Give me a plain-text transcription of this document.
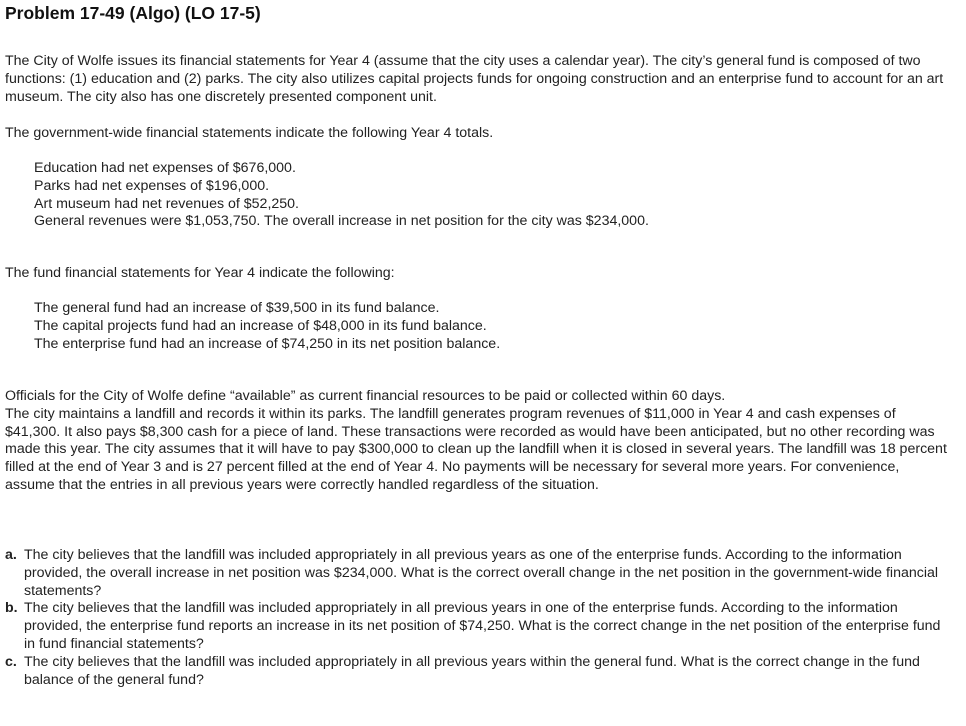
Problem 17-49 (Algo) (LO 17-5)

The City of Wolfe issues its financial statements for Year 4 (assume that the city uses a calendar year). The city’s general fund is composed of two functions: (1) education and (2) parks. The city also utilizes capital projects funds for ongoing construction and an enterprise fund to account for an art museum. The city also has one discretely presented component unit.

The government-wide financial statements indicate the following Year 4 totals.

Education had net expenses of $676,000.
Parks had net expenses of $196,000.
Art museum had net revenues of $52,250.
General revenues were $1,053,750. The overall increase in net position for the city was $234,000.

The fund financial statements for Year 4 indicate the following:

The general fund had an increase of $39,500 in its fund balance.
The capital projects fund had an increase of $48,000 in its fund balance.
The enterprise fund had an increase of $74,250 in its net position balance.
Officials for the City of Wolfe define “available” as current financial resources to be paid or collected within 60 days.
The city maintains a landfill and records it within its parks. The landfill generates program revenues of $11,000 in Year 4 and cash expenses of $41,300. It also pays $8,300 cash for a piece of land. These transactions were recorded as would have been anticipated, but no other recording was made this year. The city assumes that it will have to pay $300,000 to clean up the landfill when it is closed in several years. The landfill was 18 percent filled at the end of Year 3 and is 27 percent filled at the end of Year 4. No payments will be necessary for several more years. For convenience, assume that the entries in all previous years were correctly handled regardless of the situation.
a. The city believes that the landfill was included appropriately in all previous years as one of the enterprise funds. According to the information provided, the overall increase in net position was $234,000. What is the correct overall change in the net position in the government-wide financial statements?
b. The city believes that the landfill was included appropriately in all previous years in one of the enterprise funds. According to the information provided, the enterprise fund reports an increase in its net position of $74,250. What is the correct change in the net position of the enterprise fund in fund financial statements?
c. The city believes that the landfill was included appropriately in all previous years within the general fund. What is the correct change in the fund balance of the general fund?
